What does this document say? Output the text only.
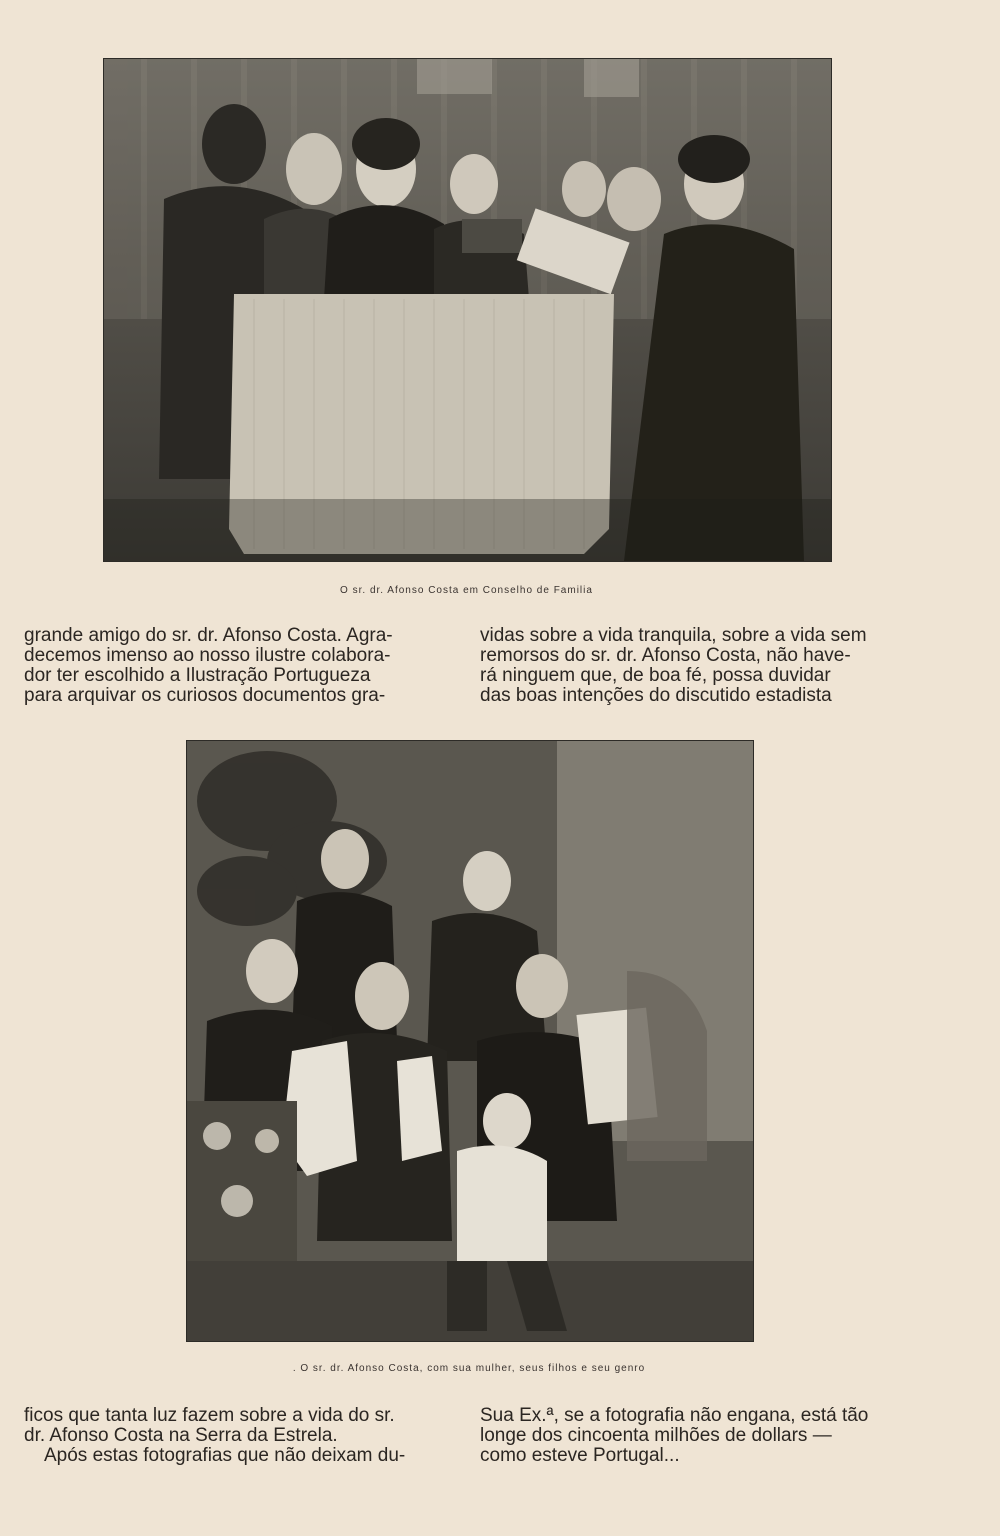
O sr. dr. Afonso Costa em Conselho de Familia
grande amigo do sr. dr. Afonso Costa. Agra-
decemos imenso ao nosso ilustre colabora-
dor ter escolhido a Ilustração Portugueza
para arquivar os curiosos documentos gra-
vidas sobre a vida tranquila, sobre a vida sem
remorsos do sr. dr. Afonso Costa, não have-
rá ninguem que, de boa fé, possa duvidar
das boas intenções do discutido estadista
. O sr. dr. Afonso Costa, com sua mulher, seus filhos e seu genro
ficos que tanta luz fazem sobre a vida do sr.
dr. Afonso Costa na Serra da Estrela.
Após estas fotografias que não deixam du-
Sua Ex.ª, se a fotografia não engana, está tão
longe dos cincoenta milhões de dollars —
como esteve Portugal...
